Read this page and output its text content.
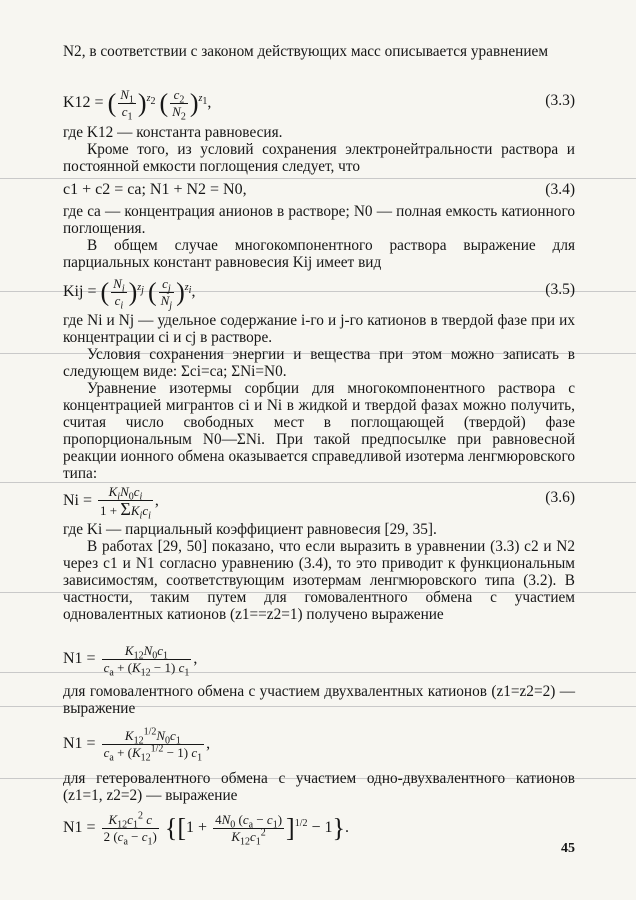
N2, в соответствии с законом действующих масс описывается уравнением

K12 = ( $\frac{N_1}{c_1} )^{z_2}$ ( $\frac{c_2}{N_2} )^{z_1}$,	(3.3)

где K12 — константа равновесия.

Кроме того, из условий сохранения электронейтральности раствора и постоянной емкости поглощения следует, что

c1 + c2 = ca; N1 + N2 = N0,	(3.4)

где ca — концентрация анионов в растворе; N0 — полная емкость катионного поглощения.

В общем случае многокомпонентного раствора выражение для парциальных констант равновесия Kij имеет вид

Kij = ( $\frac{N_i}{c_i} )^{z_j}$ ( $\frac{c_j}{N_j} )^{z_i}$,	(3.5)

где Ni и Nj — удельное содержание i-го и j-го катионов в твердой фазе при их концентрации ci и cj в растворе.

Условия сохранения энергии и вещества при этом можно записать в следующем виде: Σci=ca; ΣNi=N0.

Уравнение изотермы сорбции для многокомпонентного раствора с концентрацией мигрантов ci и Ni в жидкой и твердой фазах можно получить, считая число свободных мест в поглощающей (твердой) фазе пропорциональным N0—ΣNi. При такой предпосылке при равновесной реакции ионного обмена оказывается справедливой изотерма ленгмюровского типа:

$Ni = \frac{K_iN_0c_i}{1 + \Sigma K_ic_i}$ ,	(3.6)

где Ki — парциальный коэффициент равновесия [29, 35].

В работах [29, 50] показано, что если выразить в уравнении (3.3) c2 и N2 через c1 и N1 согласно уравнению (3.4), то это приводит к функциональным зависимостям, соответствующим изотермам ленгмюровского типа (3.2). В частности, таким путем для гомовалентного обмена с участием одновалентных катионов (z1==z2=1) получено выражение

$N1 = \frac{K_{12}N_0c_1}{c_a + (K_{12} - 1) c_1}$ ,

для гомовалентного обмена с участием двухвалентных катионов (z1=z2=2) — выражение

$N1 = \frac{K_{12}^{1/2}N_0c_1}{c_a + (K_{12}^{1/2} - 1) c_1}$ ,

для гетеровалентного обмена с участием одно-двухвалентного катионов (z1=1, z2=2) — выражение

$N1 = \frac{K_{12}c_1^2 c}{2 (c_a - c_1)} \{[1 + \frac{4N_0 (c_a - c_1)}{K_{12}c_1^2} ]^{1/2} - 1\}$.
45
